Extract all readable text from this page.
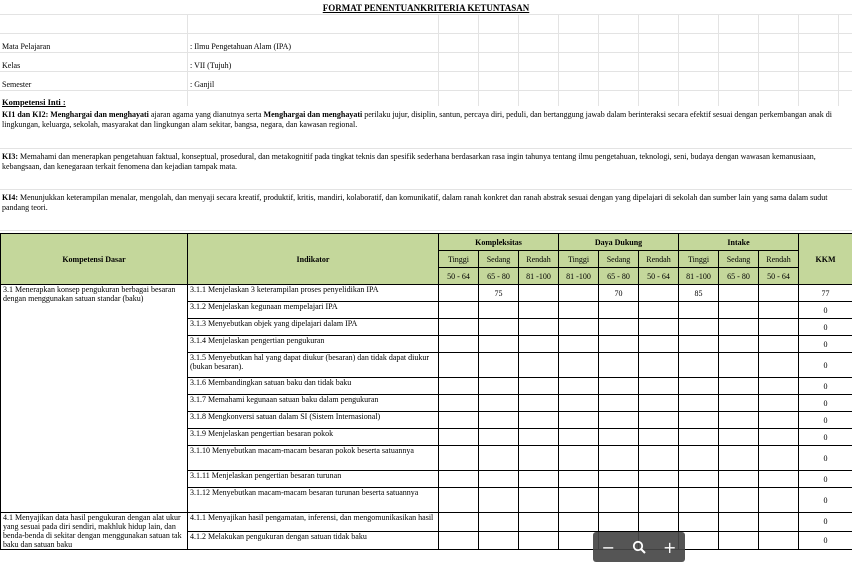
FORMAT PENENTUANKRITERIA KETUNTASAN
Mata Pelajaran	: Ilmu Pengetahuan Alam (IPA)
Kelas	: VII (Tujuh)
Semester	: Ganjil
Kompetensi Inti :
KI1 dan KI2: Menghargai dan menghayati ajaran agama yang dianutnya serta Menghargai dan menghayati perilaku jujur, disiplin, santun, percaya diri, peduli, dan bertanggung jawab dalam berinteraksi secara efektif sesuai dengan perkembangan anak di lingkungan, keluarga, sekolah, masyarakat dan lingkungan alam sekitar, bangsa, negara, dan kawasan regional.
KI3: Memahami dan menerapkan pengetahuan faktual, konseptual, prosedural, dan metakognitif pada tingkat teknis dan spesifik sederhana berdasarkan rasa ingin tahunya tentang ilmu pengetahuan, teknologi, seni, budaya dengan wawasan kemanusiaan, kebangsaan, dan kenegaraan terkait fenomena dan kejadian tampak mata.
KI4: Menunjukkan keterampilan menalar, mengolah, dan menyaji secara kreatif, produktif, kritis, mandiri, kolaboratif, dan komunikatif, dalam ranah konkret dan ranah abstrak sesuai dengan yang dipelajari di sekolah dan sumber lain yang sama dalam sudut pandang teori.
Kompetensi Dasar	Indikator	Kompleksitas			Daya Dukung			Intake			KKM
		Tinggi	Sedang	Rendah	Tinggi	Sedang	Rendah	Tinggi	Sedang	Rendah	
		50 - 64	65 - 80	81 -100	81 -100	65 - 80	50 - 64	81 -100	65 - 80	50 - 64	
3.1 Menerapkan konsep pengukuran berbagai besaran dengan menggunakan satuan standar (baku)	3.1.1 Menjelaskan 3 keterampilan proses penyelidikan IPA		75			70		85			77
	3.1.2 Menjelaskan kegunaan mempelajari IPA										0
	3.1.3 Menyebutkan objek yang dipelajari dalam IPA										0
	3.1.4 Menjelaskan pengertian pengukuran										0
	3.1.5 Menyebutkan hal yang dapat diukur (besaran) dan tidak dapat diukur (bukan besaran).										0
	3.1.6 Membandingkan satuan baku dan tidak baku										0
	3.1.7 Memahami kegunaan satuan baku dalam pengukuran										0
	3.1.8 Mengkonversi satuan dalam SI (Sistem Internasional)										0
	3.1.9 Menjelaskan pengertian besaran pokok										0
	3.1.10 Menyebutkan macam-macam besaran pokok beserta satuannya										0
	3.1.11 Menjelaskan pengertian besaran turunan										0
	3.1.12 Menyebutkan macam-macam besaran turunan beserta satuannya										0
4.1 Menyajikan data hasil pengukuran dengan alat ukur yang sesuai pada diri sendiri, makhluk hidup lain, dan benda-benda di sekitar dengan menggunakan satuan tak baku dan satuan baku	4.1.1 Menyajikan hasil pengamatan, inferensi, dan mengomunikasikan hasil										0
	4.1.2 Melakukan pengukuran dengan satuan tidak baku										0
−	+
